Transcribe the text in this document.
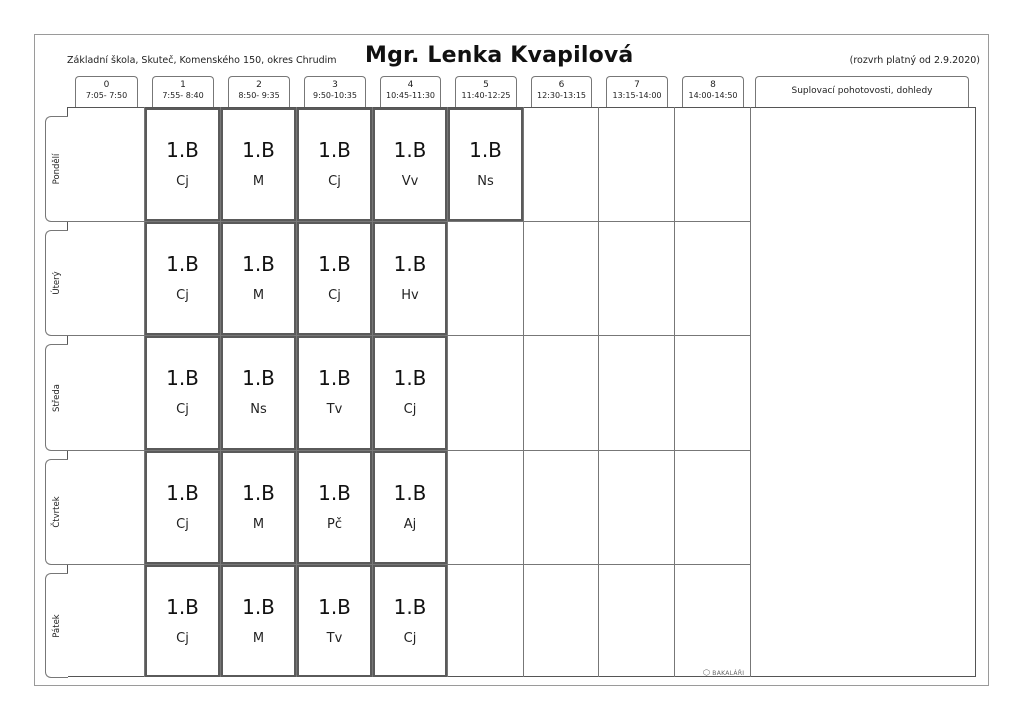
Základní škola, Skuteč, Komenského 150, okres Chrudim Mgr. Lenka Kvapilová	(rozvrh platný od 2.9.2020)
0
7:05- 7:50
1
7:55- 8:40
2
8:50- 9:35
3
9:50-10:35
4
10:45-11:30
5
11:40-12:25
6
12:30-13:15
7
13:15-14:00
8
14:00-14:50	Suplovací pohotovosti, dohledy
Pondělí
Úterý
Středa
Čtvrtek
Pátek
1.B
Cj
1.B
M
1.B
Cj
1.B
Vv
1.B
Ns
1.B
Cj
1.B
M
1.B
Cj
1.B
Hv
1.B
Cj
1.B
Ns
1.B
Tv
1.B
Cj
1.B
Cj
1.B
M
1.B
Pč
1.B
Aj
1.B
Cj
1.B
M
1.B
Tv
1.B
Cj
⬡ BAKALÁŘI
